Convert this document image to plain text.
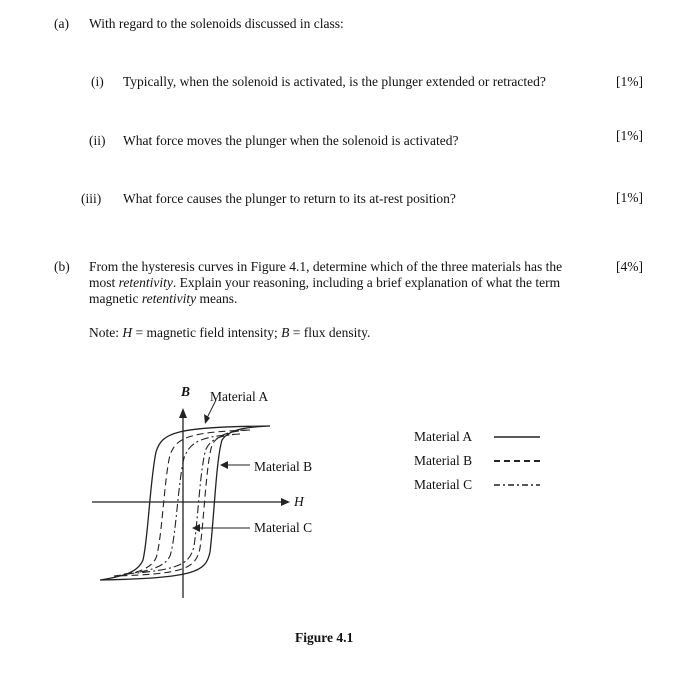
(a) With regard to the solenoids discussed in class:
(i) Typically, when the solenoid is activated, is the plunger extended or retracted?	[1%]
(ii) What force moves the plunger when the solenoid is activated?	[1%]
(iii) What force causes the plunger to return to its at-rest position?	[1%]
(b) From the hysteresis curves in Figure 4.1, determine which of the three materials has the	[4%]
most retentivity. Explain your reasoning, including a brief explanation of what the term
magnetic retentivity means.
Note: H = magnetic field intensity; B = flux density.
B Material A
Material B
H
Material C
Material A
Material B
Material C
Figure 4.1
